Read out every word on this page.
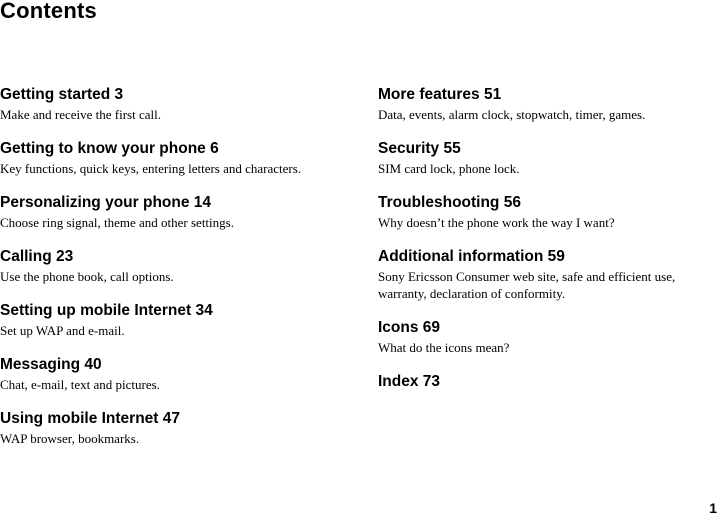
Contents
Getting started 3
Make and receive the first call.
Getting to know your phone 6
Key functions, quick keys, entering letters and characters.
Personalizing your phone 14
Choose ring signal, theme and other settings.
Calling 23
Use the phone book, call options.
Setting up mobile Internet 34
Set up WAP and e-mail.
Messaging 40
Chat, e-mail, text and pictures.
Using mobile Internet 47
WAP browser, bookmarks.
More features 51
Data, events, alarm clock, stopwatch, timer, games.
Security 55
SIM card lock, phone lock.
Troubleshooting 56
Why doesn’t the phone work the way I want?
Additional information 59
Sony Ericsson Consumer web site, safe and efficient use, warranty, declaration of conformity.
Icons 69
What do the icons mean?
Index 73
1
